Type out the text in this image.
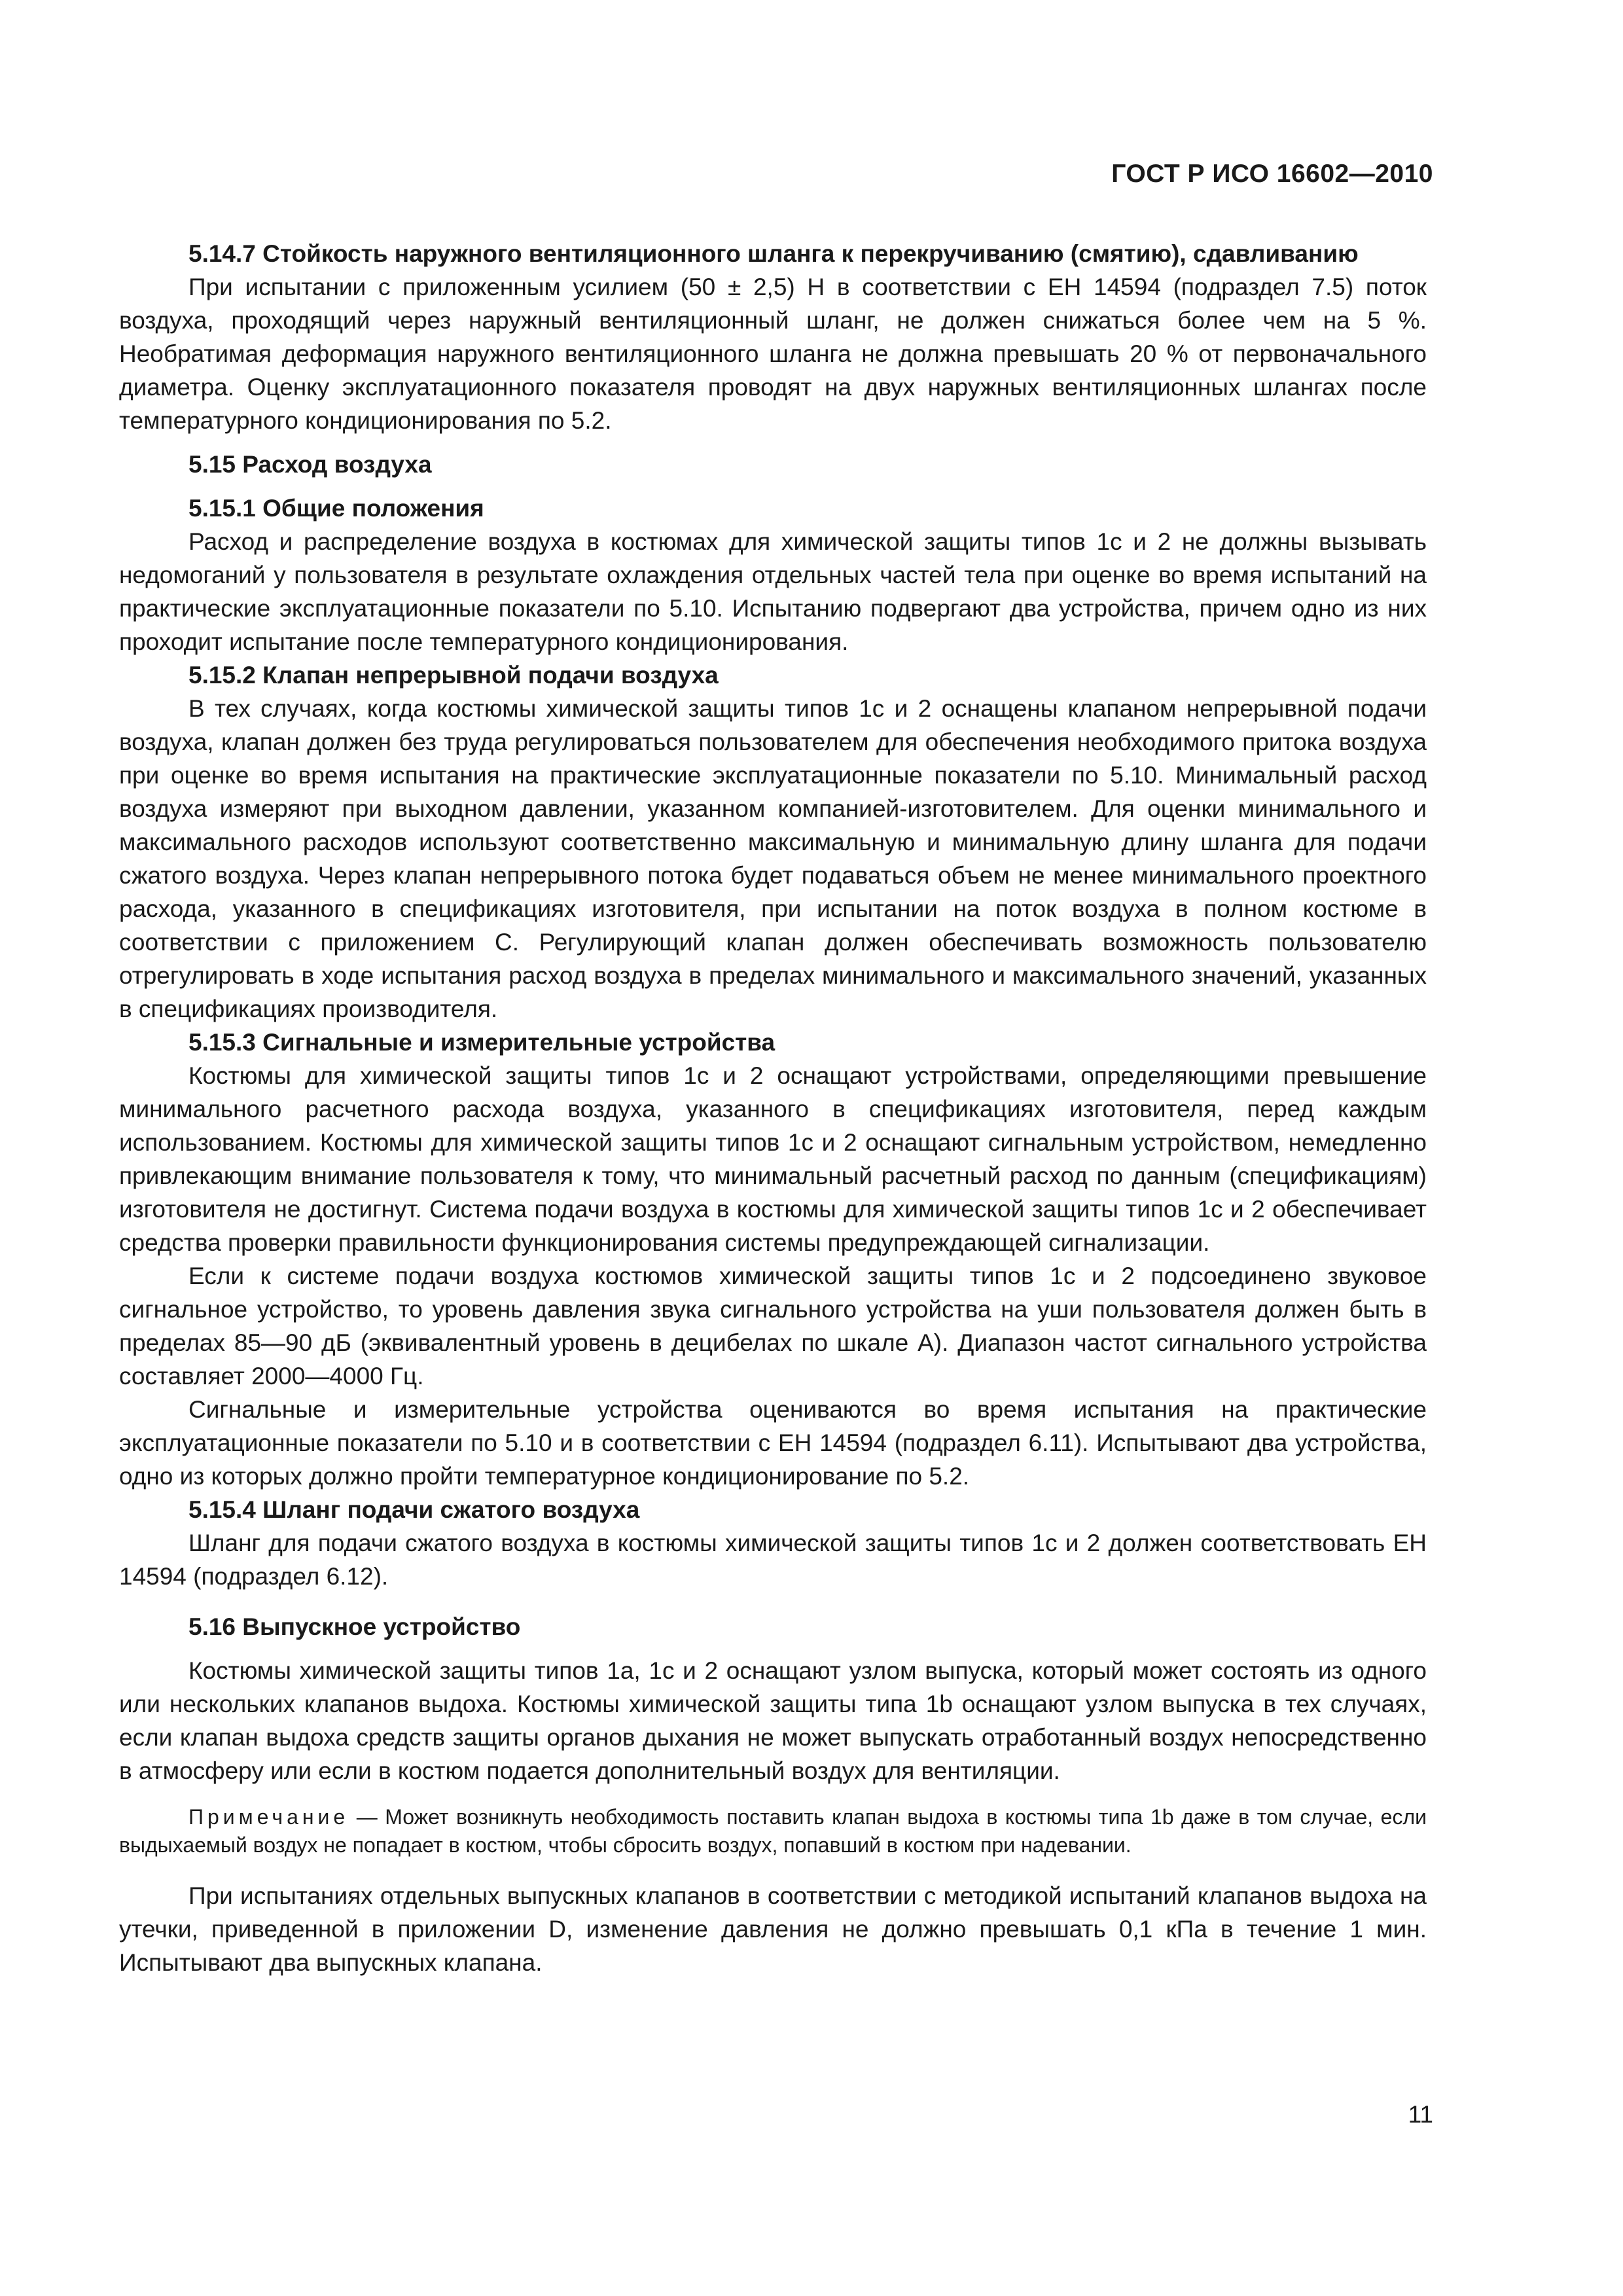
ГОСТ Р ИСО 16602—2010
5.14.7 Стойкость наружного вентиляционного шланга к перекручиванию (смятию), сдавливанию

При испытании с приложенным усилием (50 ± 2,5) Н в соответствии с ЕН 14594 (подраздел 7.5) поток воздуха, проходящий через наружный вентиляционный шланг, не должен снижаться более чем на 5 %. Необратимая деформация наружного вентиляционного шланга не должна превышать 20 % от первоначального диаметра. Оценку эксплуатационного показателя проводят на двух наружных вентиляционных шлангах после температурного кондиционирования по 5.2.

5.15 Расход воздуха
5.15.1 Общие положения

Расход и распределение воздуха в костюмах для химической защиты типов 1с и 2 не должны вызывать недомоганий у пользователя в результате охлаждения отдельных частей тела при оценке во время испытаний на практические эксплуатационные показатели по 5.10. Испытанию подвергают два устройства, причем одно из них проходит испытание после температурного кондиционирования.

5.15.2 Клапан непрерывной подачи воздуха

В тех случаях, когда костюмы химической защиты типов 1с и 2 оснащены клапаном непрерывной подачи воздуха, клапан должен без труда регулироваться пользователем для обеспечения необходимого притока воздуха при оценке во время испытания на практические эксплуатационные показатели по 5.10. Минимальный расход воздуха измеряют при выходном давлении, указанном компанией-изготовителем. Для оценки минимального и максимального расходов используют соответственно максимальную и минимальную длину шланга для подачи сжатого воздуха. Через клапан непрерывного потока будет подаваться объем не менее минимального проектного расхода, указанного в спецификациях изготовителя, при испытании на поток воздуха в полном костюме в соответствии с приложением С. Регулирующий клапан должен обеспечивать возможность пользователю отрегулировать в ходе испытания расход воздуха в пределах минимального и максимального значений, указанных в спецификациях производителя.

5.15.3 Сигнальные и измерительные устройства

Костюмы для химической защиты типов 1с и 2 оснащают устройствами, определяющими превышение минимального расчетного расхода воздуха, указанного в спецификациях изготовителя, перед каждым использованием. Костюмы для химической защиты типов 1с и 2 оснащают сигнальным устройством, немедленно привлекающим внимание пользователя к тому, что минимальный расчетный расход по данным (спецификациям) изготовителя не достигнут. Система подачи воздуха в костюмы для химической защиты типов 1с и 2 обеспечивает средства проверки правильности функционирования системы предупреждающей сигнализации.

Если к системе подачи воздуха костюмов химической защиты типов 1с и 2 подсоединено звуковое сигнальное устройство, то уровень давления звука сигнального устройства на уши пользователя должен быть в пределах 85—90 дБ (эквивалентный уровень в децибелах по шкале А). Диапазон частот сигнального устройства составляет 2000—4000 Гц.

Сигнальные и измерительные устройства оцениваются во время испытания на практические эксплуатационные показатели по 5.10 и в соответствии с ЕН 14594 (подраздел 6.11). Испытывают два устройства, одно из которых должно пройти температурное кондиционирование по 5.2.

5.15.4 Шланг подачи сжатого воздуха

Шланг для подачи сжатого воздуха в костюмы химической защиты типов 1с и 2 должен соответствовать ЕН 14594 (подраздел 6.12).

5.16 Выпускное устройство

Костюмы химической защиты типов 1а, 1с и 2 оснащают узлом выпуска, который может состоять из одного или нескольких клапанов выдоха. Костюмы химической защиты типа 1b оснащают узлом выпуска в тех случаях, если клапан выдоха средств защиты органов дыхания не может выпускать отработанный воздух непосредственно в атмосферу или если в костюм подается дополнительный воздух для вентиляции.

Примечание — Может возникнуть необходимость поставить клапан выдоха в костюмы типа 1b даже в том случае, если выдыхаемый воздух не попадает в костюм, чтобы сбросить воздух, попавший в костюм при надевании.

При испытаниях отдельных выпускных клапанов в соответствии с методикой испытаний клапанов выдоха на утечки, приведенной в приложении D, изменение давления не должно превышать 0,1 кПа в течение 1 мин. Испытывают два выпускных клапана.

11
